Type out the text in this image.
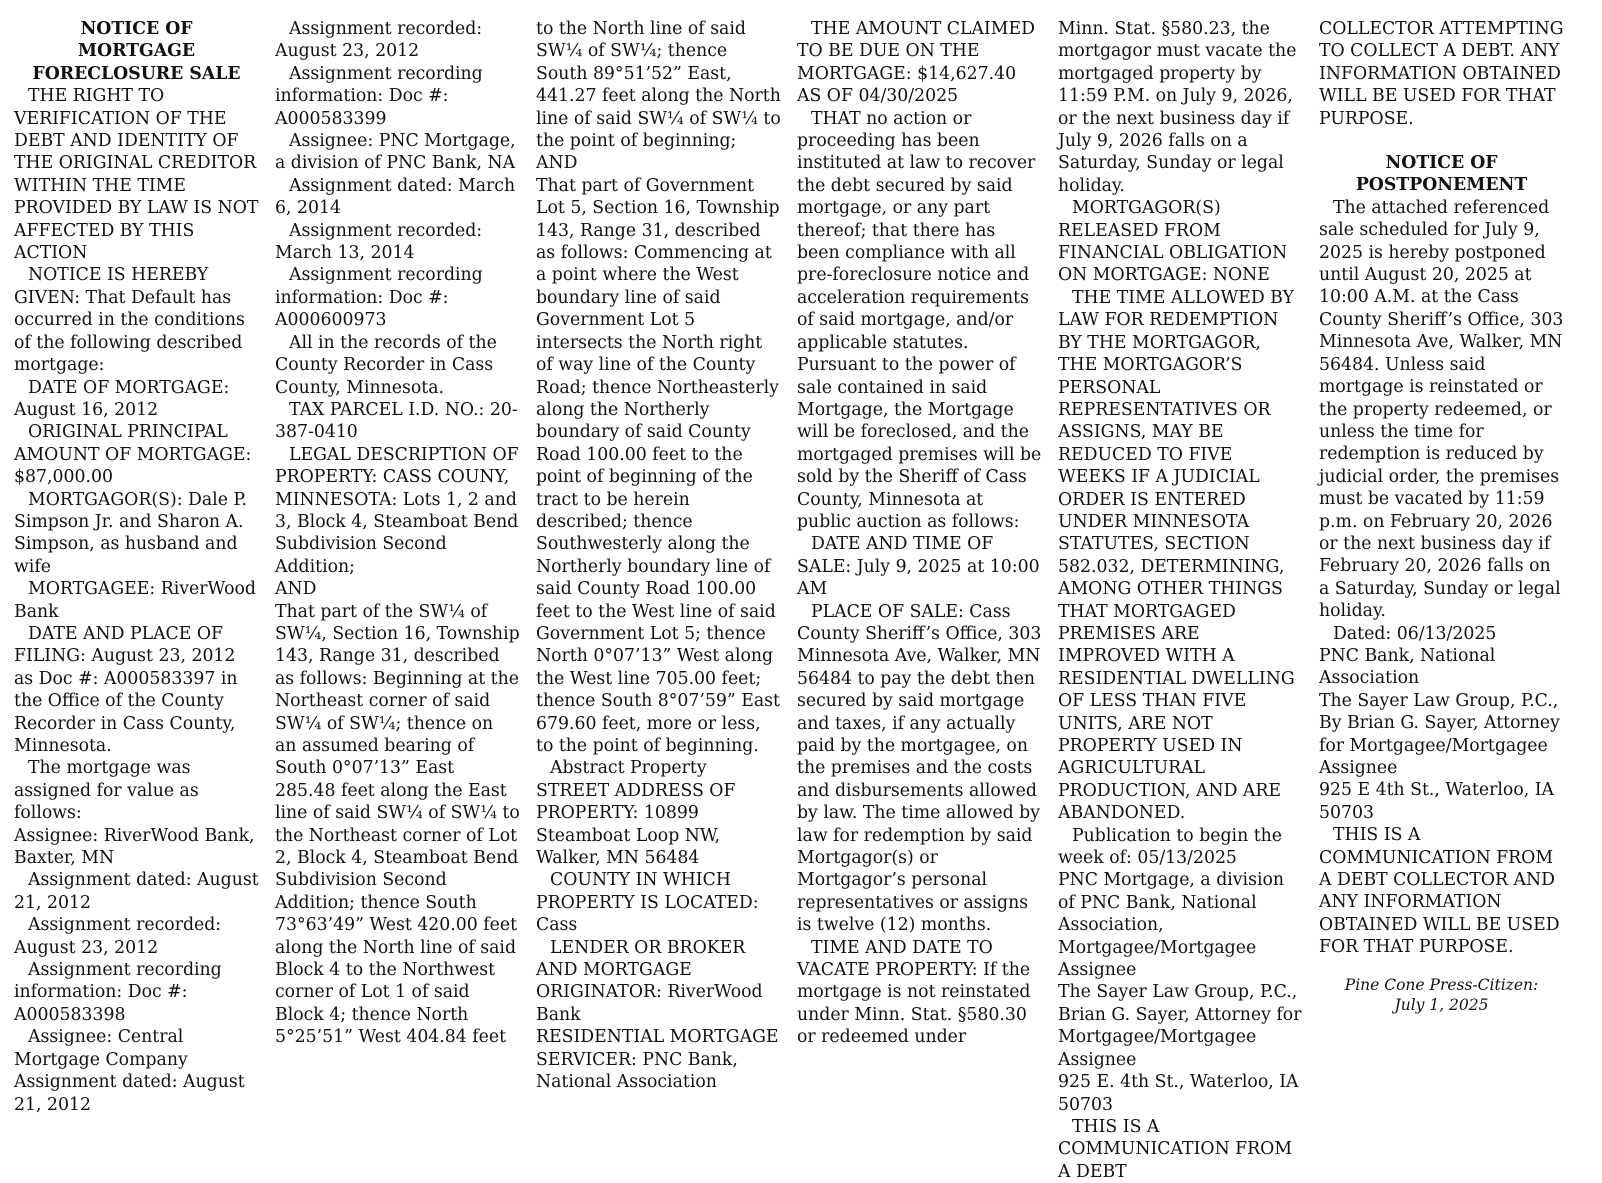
NOTICE OF
MORTGAGE
FORECLOSURE SALE

THE RIGHT TO VERIFICATION OF THE DEBT AND IDENTITY OF THE ORIGINAL CREDITOR WITHIN THE TIME PROVIDED BY LAW IS NOT AFFECTED BY THIS ACTION

NOTICE IS HEREBY GIVEN: That Default has occurred in the conditions of the following described mortgage:

DATE OF MORTGAGE: August 16, 2012

ORIGINAL PRINCIPAL AMOUNT OF MORTGAGE: $87,000.00

MORTGAGOR(S): Dale P. Simpson Jr. and Sharon A. Simpson, as husband and wife

MORTGAGEE: RiverWood Bank

DATE AND PLACE OF FILING: August 23, 2012 as Doc #: A000583397 in the Office of the County Recorder in Cass County, Minnesota.

The mortgage was assigned for value as follows:

Assignee: RiverWood Bank, Baxter, MN

Assignment dated: August 21, 2012

Assignment recorded: August 23, 2012

Assignment recording information: Doc #: A000583398

Assignee: Central Mortgage Company

Assignment dated: August 21, 2012

Assignment recorded: August 23, 2012

Assignment recording information: Doc #: A000583399

Assignee: PNC Mortgage, a division of PNC Bank, NA

Assignment dated: March 6, 2014

Assignment recorded: March 13, 2014

Assignment recording information: Doc #: A000600973

All in the records of the County Recorder in Cass County, Minnesota.

TAX PARCEL I.D. NO.: 20-387-0410

LEGAL DESCRIPTION OF PROPERTY: CASS COUNY, MINNESOTA: Lots 1, 2 and 3, Block 4, Steamboat Bend Subdivision Second Addition;

AND

That part of the SW¼ of SW¼, Section 16, Township  143, Range 31, described as follows: Beginning at the Northeast corner of said SW¼ of SW¼; thence on an assumed bearing of South 0°07’13” East 285.48 feet along the East line of said SW¼ of SW¼ to the Northeast corner of Lot 2, Block 4, Steamboat Bend Subdivision Second Addition; thence South 73°63’49” West 420.00 feet along the North line of said Block 4 to the Northwest corner of Lot 1 of said Block 4; thence North 5°25’51” West 404.84 feet

to the North line of said SW¼ of SW¼; thence South 89°51’52” East, 441.27 feet along the North line of said SW¼ of SW¼ to the point of beginning;

AND

That part of Government Lot 5, Section 16, Township 143, Range 31, described as follows: Commencing at a point where the West boundary line of said Government Lot 5 intersects the North right of way line of the County Road; thence Northeasterly along the Northerly boundary of said County Road 100.00 feet to the point of beginning of the tract to be herein described; thence Southwesterly along the Northerly boundary line of said County Road 100.00 feet to the West line of said Government Lot 5; thence North 0°07’13” West along the West line 705.00 feet; thence South 8°07’59” East 679.60 feet, more or less, to the point of beginning.

Abstract Property

STREET ADDRESS OF PROPERTY: 10899 Steamboat Loop NW, Walker, MN 56484

COUNTY IN WHICH PROPERTY IS LOCATED: Cass

LENDER OR BROKER AND MORTGAGE ORIGINATOR: RiverWood Bank

RESIDENTIAL MORTGAGE SERVICER: PNC Bank, National Association

THE AMOUNT CLAIMED TO BE DUE ON THE MORTGAGE: $14,627.40 AS OF 04/30/2025

THAT no action or proceeding has been instituted at law to recover the debt secured by said mortgage, or any part thereof; that there has been compliance with all pre-foreclosure notice and acceleration requirements of said mortgage, and/or applicable statutes.

Pursuant to the power of sale contained in said Mortgage, the Mortgage will be foreclosed, and the mortgaged premises will be sold by the Sheriff of Cass County, Minnesota at public auction as follows:

DATE AND TIME OF SALE: July 9, 2025 at 10:00 AM

PLACE OF SALE: Cass County Sheriff’s Office, 303 Minnesota Ave, Walker, MN 56484 to pay the debt then secured by said mortgage and taxes, if any actually paid by the mortgagee, on the premises and the costs and disbursements allowed by law. The time allowed by law for redemption by said Mortgagor(s) or Mortgagor’s personal representatives or assigns is twelve (12) months.

TIME AND DATE TO VACATE PROPERTY: If the mortgage is not reinstated under Minn. Stat. §580.30 or redeemed under

Minn. Stat. §580.23, the mortgagor must vacate the mortgaged property by 11:59 P.M. on July 9, 2026, or the next business day if July 9, 2026 falls on a Saturday, Sunday or legal holiday.

MORTGAGOR(S) RELEASED FROM FINANCIAL OBLIGATION ON MORTGAGE: NONE

THE TIME ALLOWED BY LAW FOR REDEMPTION BY THE MORTGAGOR, THE MORTGAGOR’S PERSONAL REPRESENTATIVES OR ASSIGNS, MAY BE REDUCED TO FIVE WEEKS IF A JUDICIAL ORDER IS ENTERED UNDER MINNESOTA STATUTES, SECTION 582.032, DETERMINING, AMONG OTHER THINGS THAT MORTGAGED PREMISES ARE IMPROVED WITH A RESIDENTIAL DWELLING OF LESS THAN FIVE UNITS, ARE NOT PROPERTY USED IN AGRICULTURAL PRODUCTION, AND ARE ABANDONED.

Publication to begin the week of: 05/13/2025

PNC Mortgage, a division of PNC Bank, National Association, Mortgagee/Mortgagee Assignee

The Sayer Law Group, P.C., Brian G. Sayer, Attorney for Mortgagee/Mortgagee Assignee

925 E. 4th St., Waterloo, IA 50703

THIS IS A COMMUNICATION FROM A DEBT

COLLECTOR ATTEMPTING TO COLLECT A DEBT. ANY INFORMATION OBTAINED WILL BE USED FOR THAT PURPOSE.

NOTICE OF
POSTPONEMENT

The attached referenced sale scheduled for July 9, 2025 is hereby postponed until August 20, 2025 at 10:00 A.M. at the Cass County Sheriff’s Office, 303 Minnesota Ave, Walker, MN 56484. Unless said mortgage is reinstated or the property redeemed, or unless the time for redemption is reduced by judicial order, the premises must be vacated by 11:59 p.m. on February 20, 2026 or the next business day if February 20, 2026 falls on a Saturday, Sunday or legal holiday.

Dated: 06/13/2025

PNC Bank, National Association

The Sayer Law Group, P.C., By Brian G. Sayer, Attorney for Mortgagee/Mortgagee Assignee

925 E 4th St., Waterloo, IA 50703

THIS IS A COMMUNICATION FROM A DEBT COLLECTOR AND ANY INFORMATION OBTAINED WILL BE USED FOR THAT PURPOSE.

Pine Cone Press-Citizen:
July 1, 2025
